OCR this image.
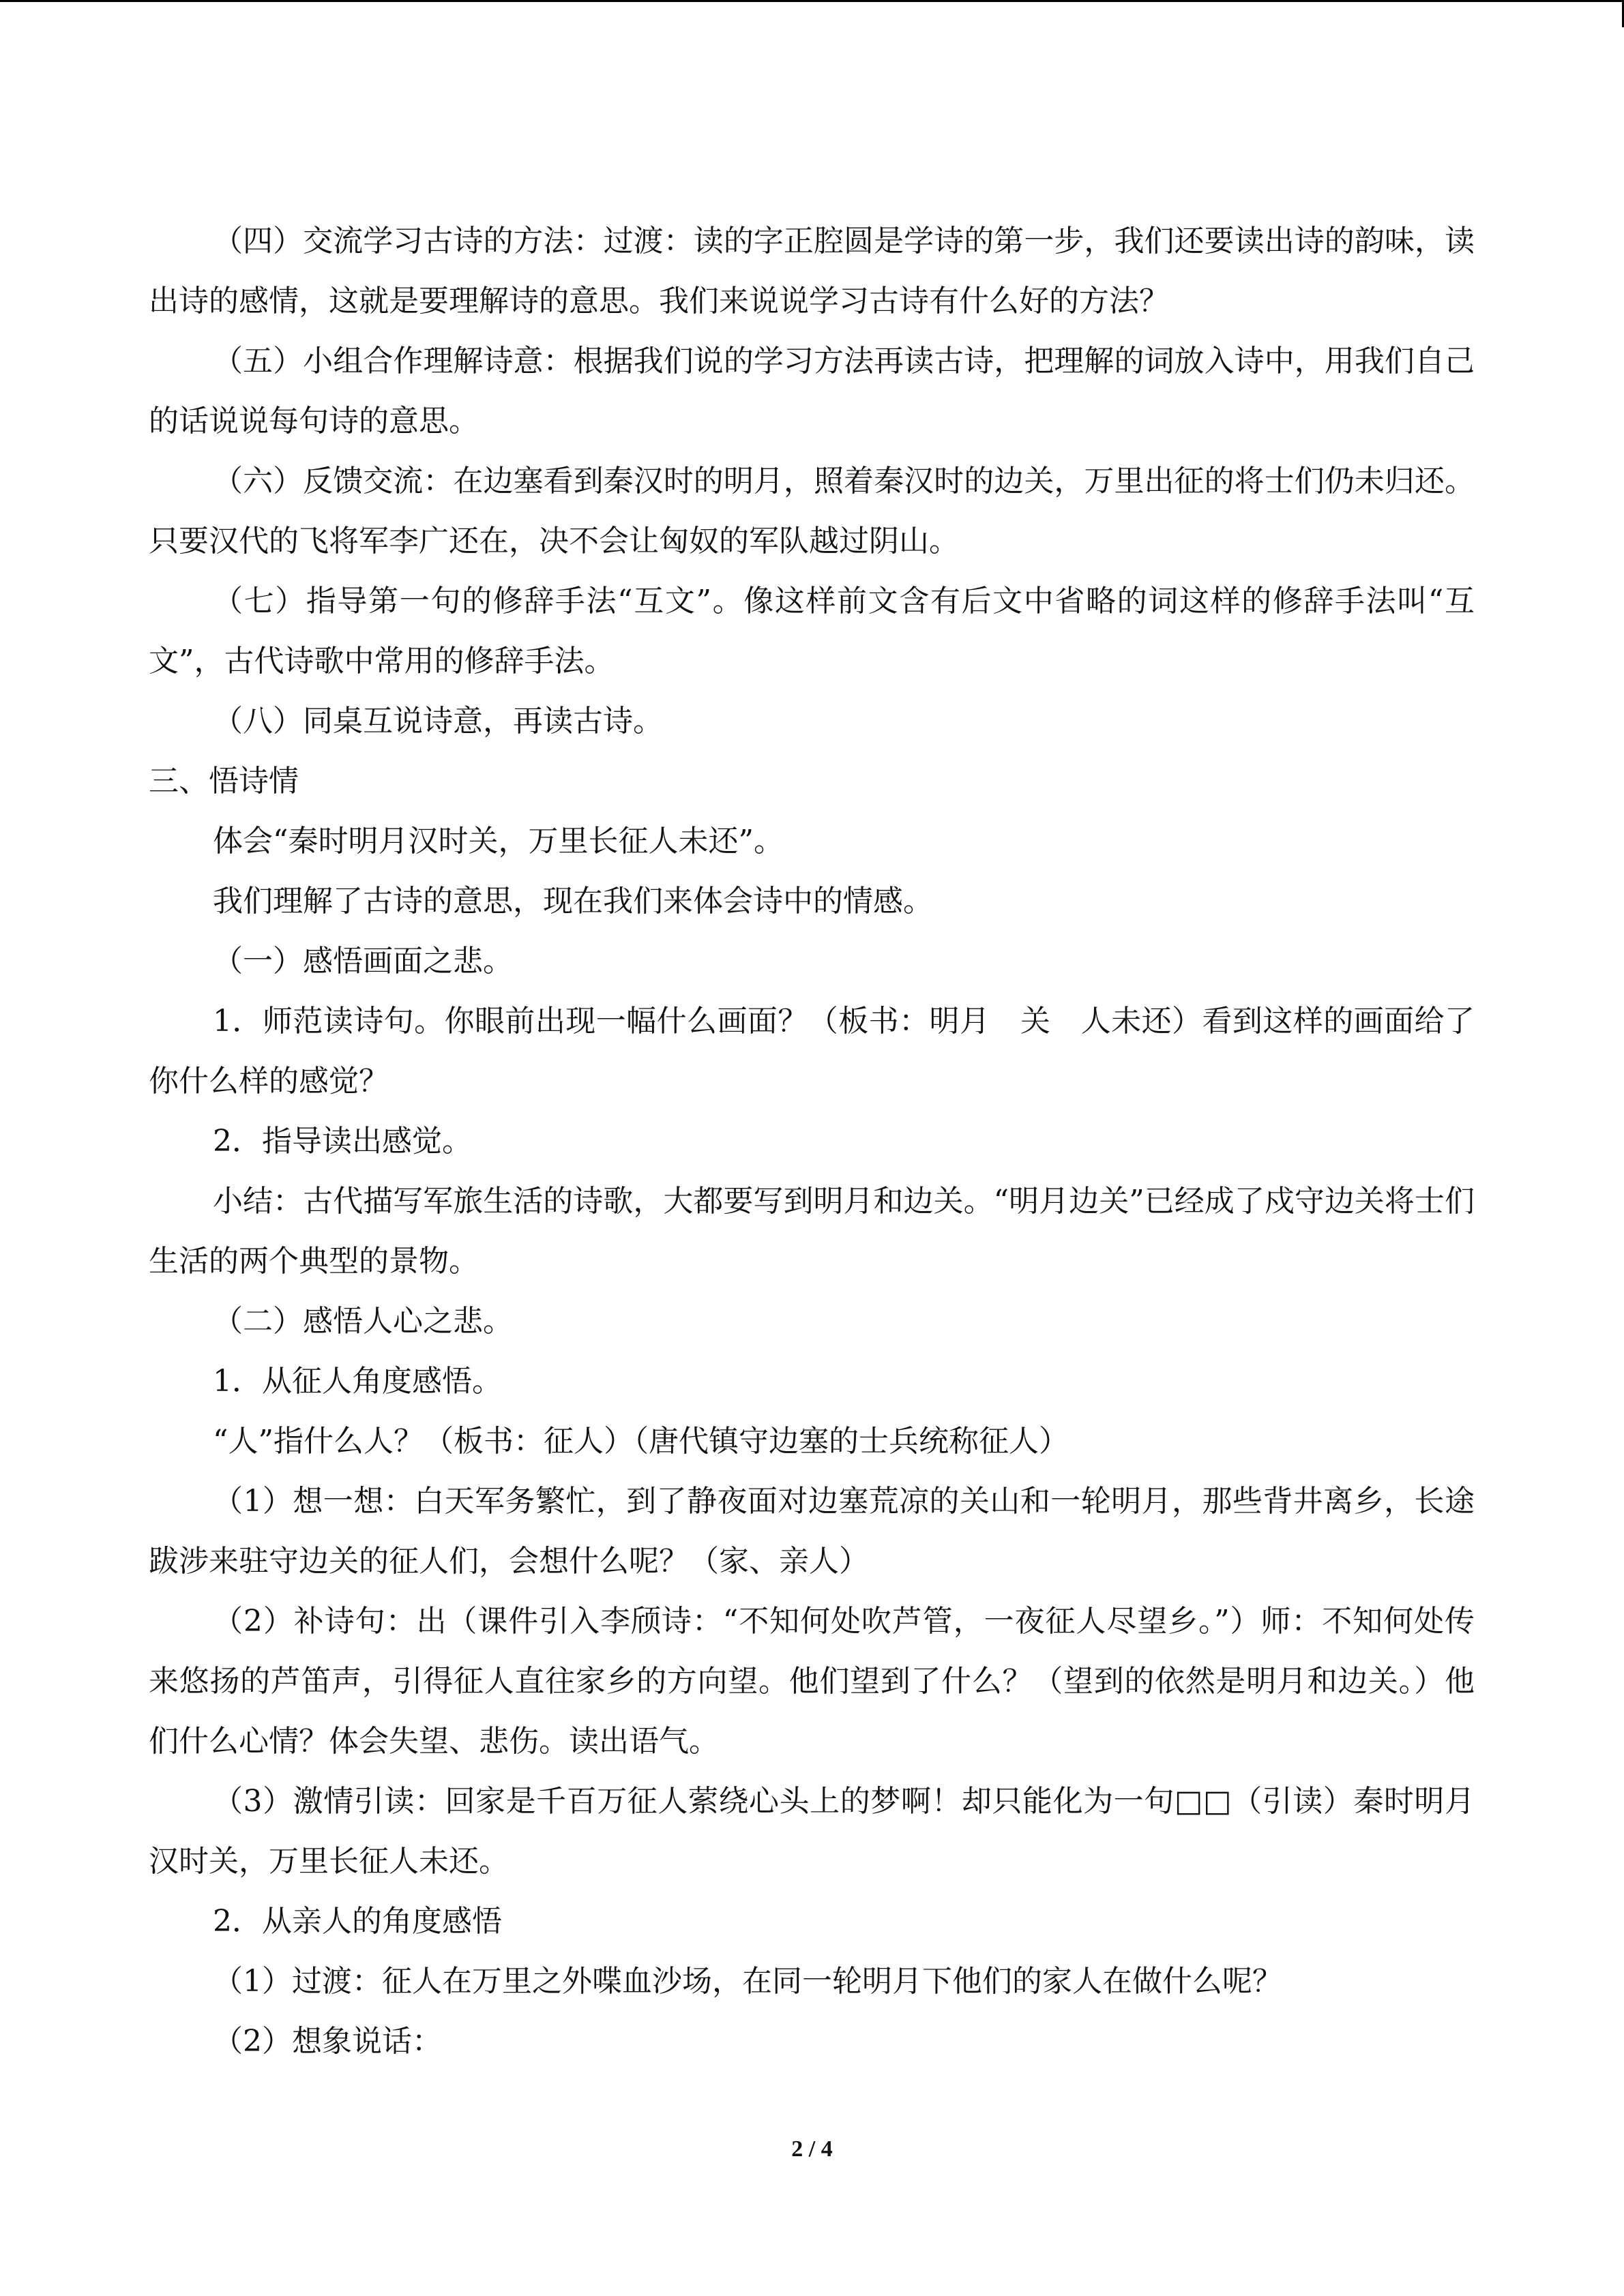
（四）交流学习古诗的方法：过渡：读的字正腔圆是学诗的第一步，我们还要读出诗的韵味，读出诗的感情，这就是要理解诗的意思。我们来说说学习古诗有什么好的方法？

（五）小组合作理解诗意：根据我们说的学习方法再读古诗，把理解的词放入诗中，用我们自己的话说说每句诗的意思。

（六）反馈交流：在边塞看到秦汉时的明月，照着秦汉时的边关，万里出征的将士们仍未归还。只要汉代的飞将军李广还在，决不会让匈奴的军队越过阴山。

（七）指导第一句的修辞手法“互文”。像这样前文含有后文中省略的词这样的修辞手法叫“互文”，古代诗歌中常用的修辞手法。

（八）同桌互说诗意，再读古诗。

三、悟诗情

体会“秦时明月汉时关，万里长征人未还”。

我们理解了古诗的意思，现在我们来体会诗中的情感。

（一）感悟画面之悲。

1．师范读诗句。你眼前出现一幅什么画面？（板书：明月　关　人未还）看到这样的画面给了你什么样的感觉？

2．指导读出感觉。

小结：古代描写军旅生活的诗歌，大都要写到明月和边关。“明月边关”已经成了戍守边关将士们生活的两个典型的景物。

（二）感悟人心之悲。

1．从征人角度感悟。

“人”指什么人？（板书：征人）（唐代镇守边塞的士兵统称征人）

（1）想一想：白天军务繁忙，到了静夜面对边塞荒凉的关山和一轮明月，那些背井离乡，长途跋涉来驻守边关的征人们，会想什么呢？（家、亲人）

（2）补诗句：出（课件引入李颀诗：“不知何处吹芦管，一夜征人尽望乡。”）师：不知何处传来悠扬的芦笛声，引得征人直往家乡的方向望。他们望到了什么？（望到的依然是明月和边关。）他们什么心情？体会失望、悲伤。读出语气。

（3）激情引读：回家是千百万征人萦绕心头上的梦啊！却只能化为一句□□（引读）秦时明月汉时关，万里长征人未还。

2．从亲人的角度感悟

（1）过渡：征人在万里之外喋血沙场，在同一轮明月下他们的家人在做什么呢？

（2）想象说话：

2 / 4
